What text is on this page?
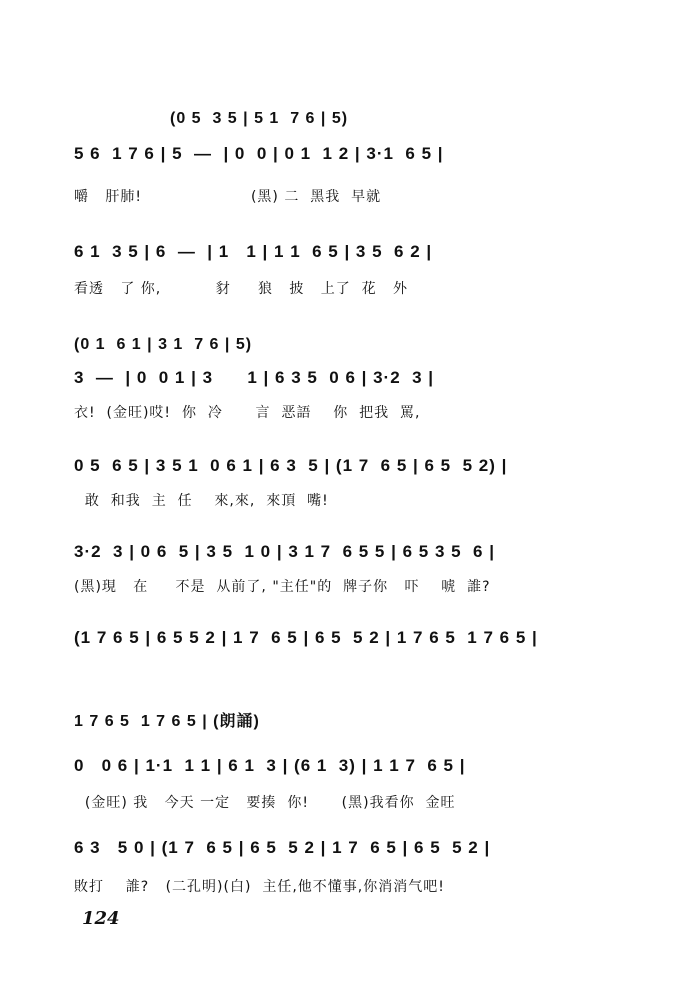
(0 5  3 5 | 5 1  7 6 | 5)
5 6  1 7 6 | 5  —  | 0  0 | 0 1  1 2 | 3·1  6 5 |
嚼   肝肺!                    (黑) 二  黑我  早就
6 1  3 5 | 6  —  | 1   1 | 1 1  6 5 | 3 5  6 2 |
看透   了 你,          豺     狼   披   上了  花   外
(0 1  6 1 | 3 1  7 6 | 5)
3  —  | 0  0 1 | 3      1 | 6 3 5  0 6 | 3·2  3 |
衣!  (金旺)哎!  你  冷      言  恶語    你  把我  罵,
0 5  6 5 | 3 5 1  0 6 1 | 6 3  5 | (1 7  6 5 | 6 5  5 2) |
敢  和我  主  任    來,來,  來頂  嘴!
3·2  3 | 0 6  5 | 3 5  1 0 | 3 1 7  6 5 5 | 6 5 3 5  6 |
(黑)現   在     不是  从前了, "主任"的  牌子你   吓    唬  誰?
(1 7 6 5 | 6 5 5 2 | 1 7  6 5 | 6 5  5 2 | 1 7 6 5  1 7 6 5 |
1 7 6 5  1 7 6 5 | (朗誦)
0   0 6 | 1·1  1 1 | 6 1  3 | (6 1  3) | 1 1 7  6 5 |
(金旺) 我   今天 一定   要揍  你!      (黑)我看你  金旺
6 3   5 0 | (1 7  6 5 | 6 5  5 2 | 1 7  6 5 | 6 5  5 2 |
敗打    誰?   (二孔明)(白)  主任,他不懂事,你消消气吧!
124
